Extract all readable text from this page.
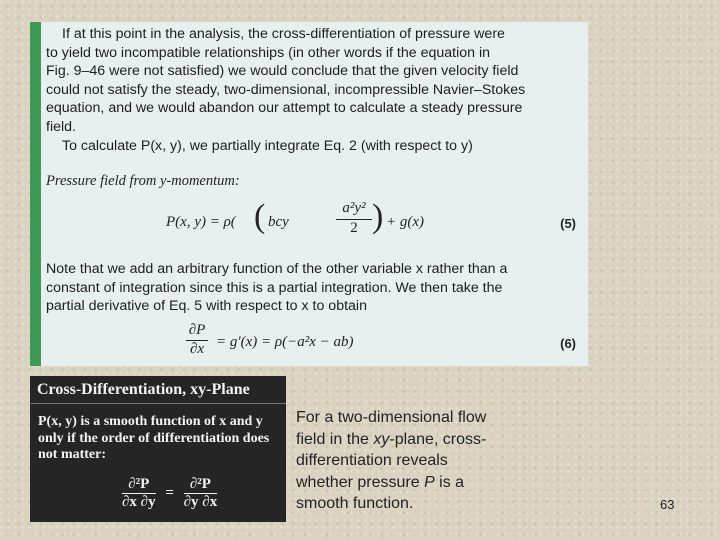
If at this point in the analysis, the cross-differentiation of pressure were

to yield two incompatible relationships (in other words if the equation in

Fig. 9–46 were not satisfied) we would conclude that the given velocity field

could not satisfy the steady, two-dimensional, incompressible Navier–Stokes

equation, and we would abandon our attempt to calculate a steady pressure

field.

To calculate P(x, y), we partially integrate Eq. 2 (with respect to y)

Pressure field from y-momentum:
P(x, y) = ρ( ( bcy	$\frac{\text{a²y²}}{2}$ ) + g(x)	(5)
Note that we add an arbitrary function of the other variable x rather than a
constant of integration since this is a partial integration. We then take the
partial derivative of Eq. 5 with respect to x to obtain
$\frac{\partial P}{\partial x} = g'(x) = \rho(-a^2x - ab)$	(6)
Cross-Differentiation, xy-Plane
P(x, y) is a smooth function of x and y only if the order of differentiation does not matter:
$\frac{\text{∂²P}}{\partial x \partial y} = \frac{\text{∂²P}}{\partial y \partial x}$
For a two-dimensional flow
field in the xy-plane, cross-
differentiation reveals
whether pressure P is a
smooth function.	63
